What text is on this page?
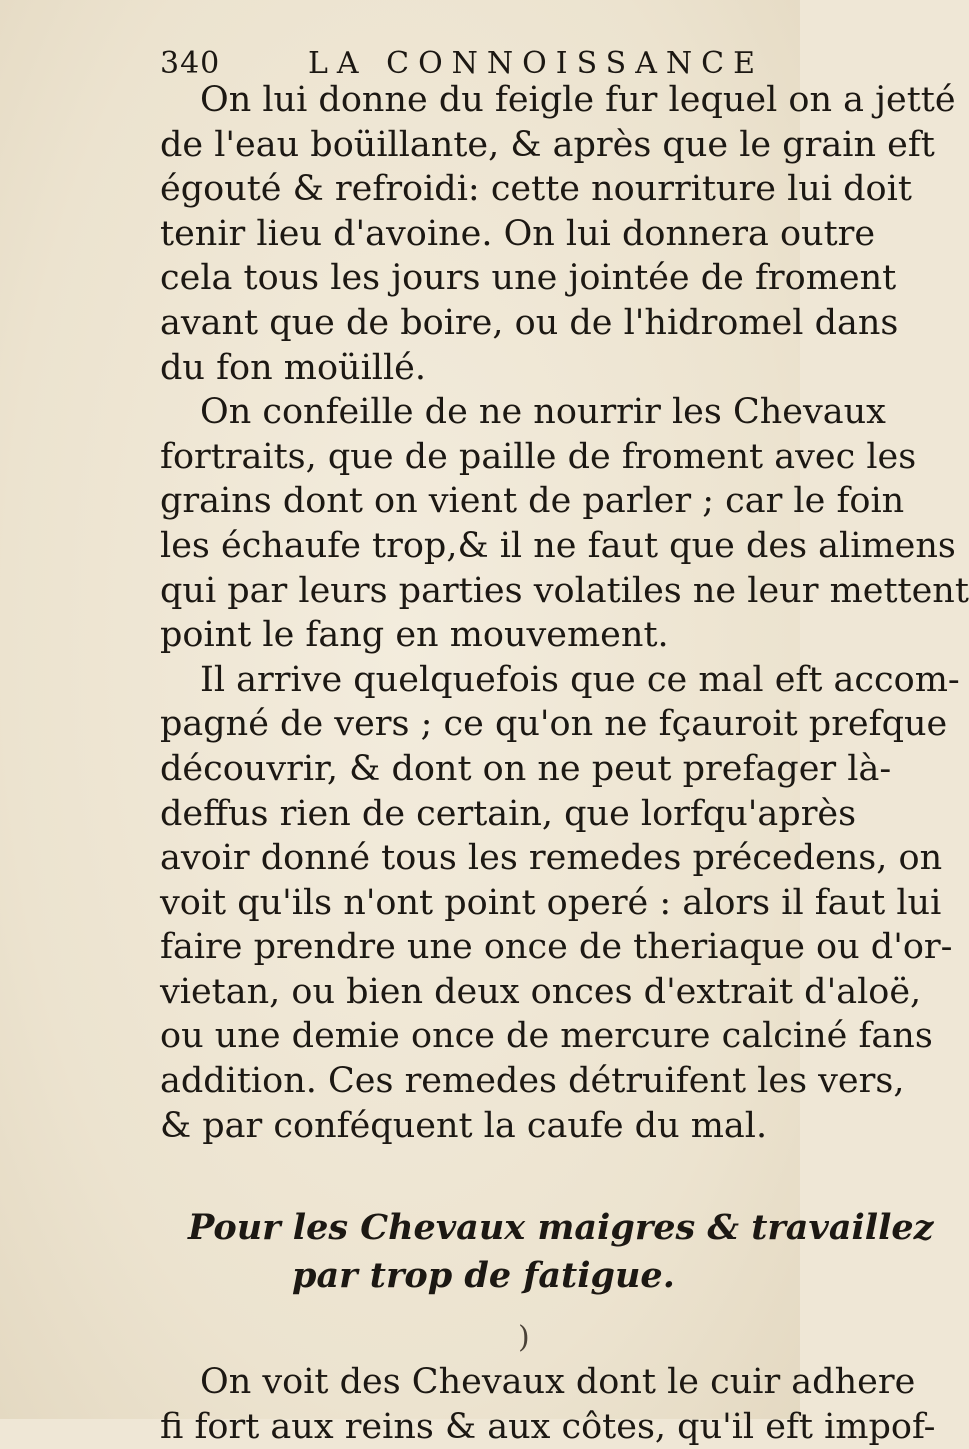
340	LA CONNOISSANCE
On lui donne du feigle fur lequel on a jetté
de l'eau boüillante, & après que le grain eft
égouté & refroidi: cette nourriture lui doit
tenir lieu d'avoine. On lui donnera outre
cela tous les jours une jointée de froment
avant que de boire, ou de l'hidromel dans
du fon moüillé.
On confeille de ne nourrir les Chevaux
fortraits, que de paille de froment avec les
grains dont on vient de parler ; car le foin
les échaufe trop,& il ne faut que des alimens
qui par leurs parties volatiles ne leur mettent
point le fang en mouvement.
Il arrive quelquefois que ce mal eft accom-
pagné de vers ; ce qu'on ne fçauroit prefque
découvrir, & dont on ne peut prefager là-
deffus rien de certain, que lorfqu'après
avoir donné tous les remedes précedens, on
voit qu'ils n'ont point operé : alors il faut lui
faire prendre une once de theriaque ou d'or-
vietan, ou bien deux onces d'extrait d'aloë,
ou une demie once de mercure calciné fans
addition. Ces remedes détruifent les vers,
& par conféquent la caufe du mal.
Pour les Chevaux maigres & travaillez
par trop de fatigue.
On voit des Chevaux dont le cuir adhere
fi fort aux reins & aux côtes, qu'il eft impof-
)
